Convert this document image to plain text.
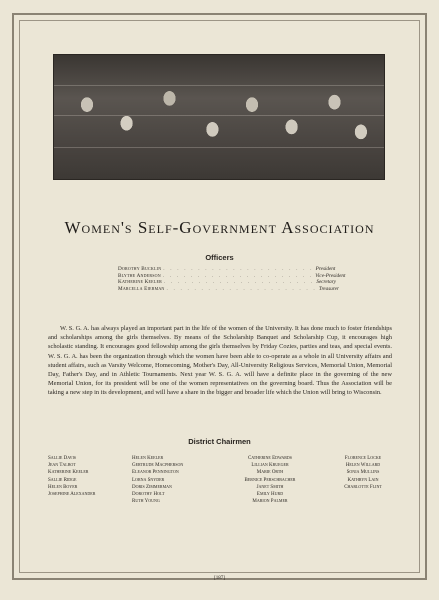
Women's Self-Government Association
Officers
Dorothy Bucklin . . . . . . . . . . . . . . . . . . . . . . President
Blythe Anderson . . . . . . . . . . . . . . . . . . . . . . Vice-President
Katherine Keeler . . . . . . . . . . . . . . . . . . . . . . Secretary
Marcella Eierman . . . . . . . . . . . . . . . . . . . . . . Treasurer
W. S. G. A. has always played an important part in the life of the women of the University. It has done much to foster friendships and scholarships among the girls themselves. By means of the Scholarship Banquet and Scholarship Cup, it encourages high scholastic standing. It encourages good fellowship among the girls themselves by Friday Cozies, parties and teas, and special events. W. S. G. A. has been the organization through which the women have been able to co-operate as a whole in all University affairs and student affairs, such as Varsity Welcome, Homecoming, Mother's Day, All-University Religious Services, Memorial Union, Memorial Day, Father's Day, and in Athletic Tournaments. Next year W. S. G. A. will have a definite place in the governing of the new Memorial Union, for its president will be one of the women representatives on the governing board. Thus the Association will be taking a new step in its development, and will have a share in the bigger and broader life which the Union will bring to Wisconsin.
District Chairmen
Sallie Davis
Jean Talbot
Katherine Keeler
Sallie Ridge
Helen Boyer
Josephine Alexander
Helen Keeler
Gertrude Macpherson
Eleanor Pennington
Lorna Snyder
Doris Zimmerman
Dorothy Holt
Ruth Young
Catherine Edwards
Lillian Krueger
Marie Orth
Bernice Perschbacher
Janet Smith
Emily Hurd
Marion Palmer
Florence Locke
Helen Willard
Sonia Mullins
Kathryn Lain
Charlotte Flint
[187]
